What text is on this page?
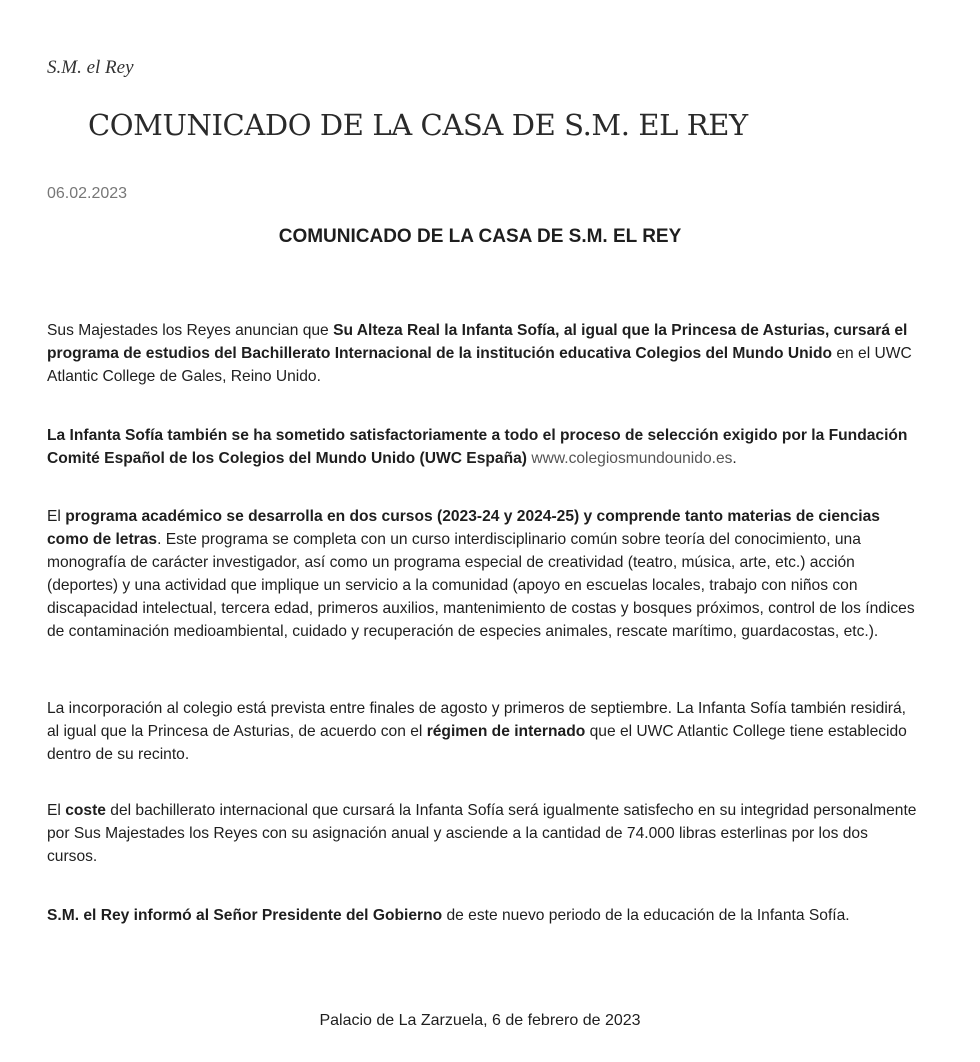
S.M. el Rey
COMUNICADO DE LA CASA DE S.M. EL REY
06.02.2023
COMUNICADO DE LA CASA DE S.M. EL REY

Sus Majestades los Reyes anuncian que Su Alteza Real la Infanta Sofía, al igual que la Princesa de Asturias, cursará el programa de estudios del Bachillerato Internacional de la institución educativa Colegios del Mundo Unido en el UWC Atlantic College de Gales, Reino Unido.

La Infanta Sofía también se ha sometido satisfactoriamente a todo el proceso de selección exigido por la Fundación Comité Español de los Colegios del Mundo Unido (UWC España) www.colegiosmundounido.es.

El programa académico se desarrolla en dos cursos (2023-24 y 2024-25) y comprende tanto materias de ciencias como de letras. Este programa se completa con un curso interdisciplinario común sobre teoría del conocimiento, una monografía de carácter investigador, así como un programa especial de creatividad (teatro, música, arte, etc.) acción (deportes) y una actividad que implique un servicio a la comunidad (apoyo en escuelas locales, trabajo con niños con discapacidad intelectual, tercera edad, primeros auxilios, mantenimiento de costas y bosques próximos, control de los índices de contaminación medioambiental, cuidado y recuperación de especies animales, rescate marítimo, guardacostas, etc.).

La incorporación al colegio está prevista entre finales de agosto y primeros de septiembre. La Infanta Sofía también residirá, al igual que la Princesa de Asturias, de acuerdo con el régimen de internado que el UWC Atlantic College tiene establecido dentro de su recinto.

El coste del bachillerato internacional que cursará la Infanta Sofía será igualmente satisfecho en su integridad personalmente por Sus Majestades los Reyes con su asignación anual y asciende a la cantidad de 74.000 libras esterlinas por los dos cursos.

S.M. el Rey informó al Señor Presidente del Gobierno de este nuevo periodo de la educación de la Infanta Sofía.

Palacio de La Zarzuela, 6 de febrero de 2023
